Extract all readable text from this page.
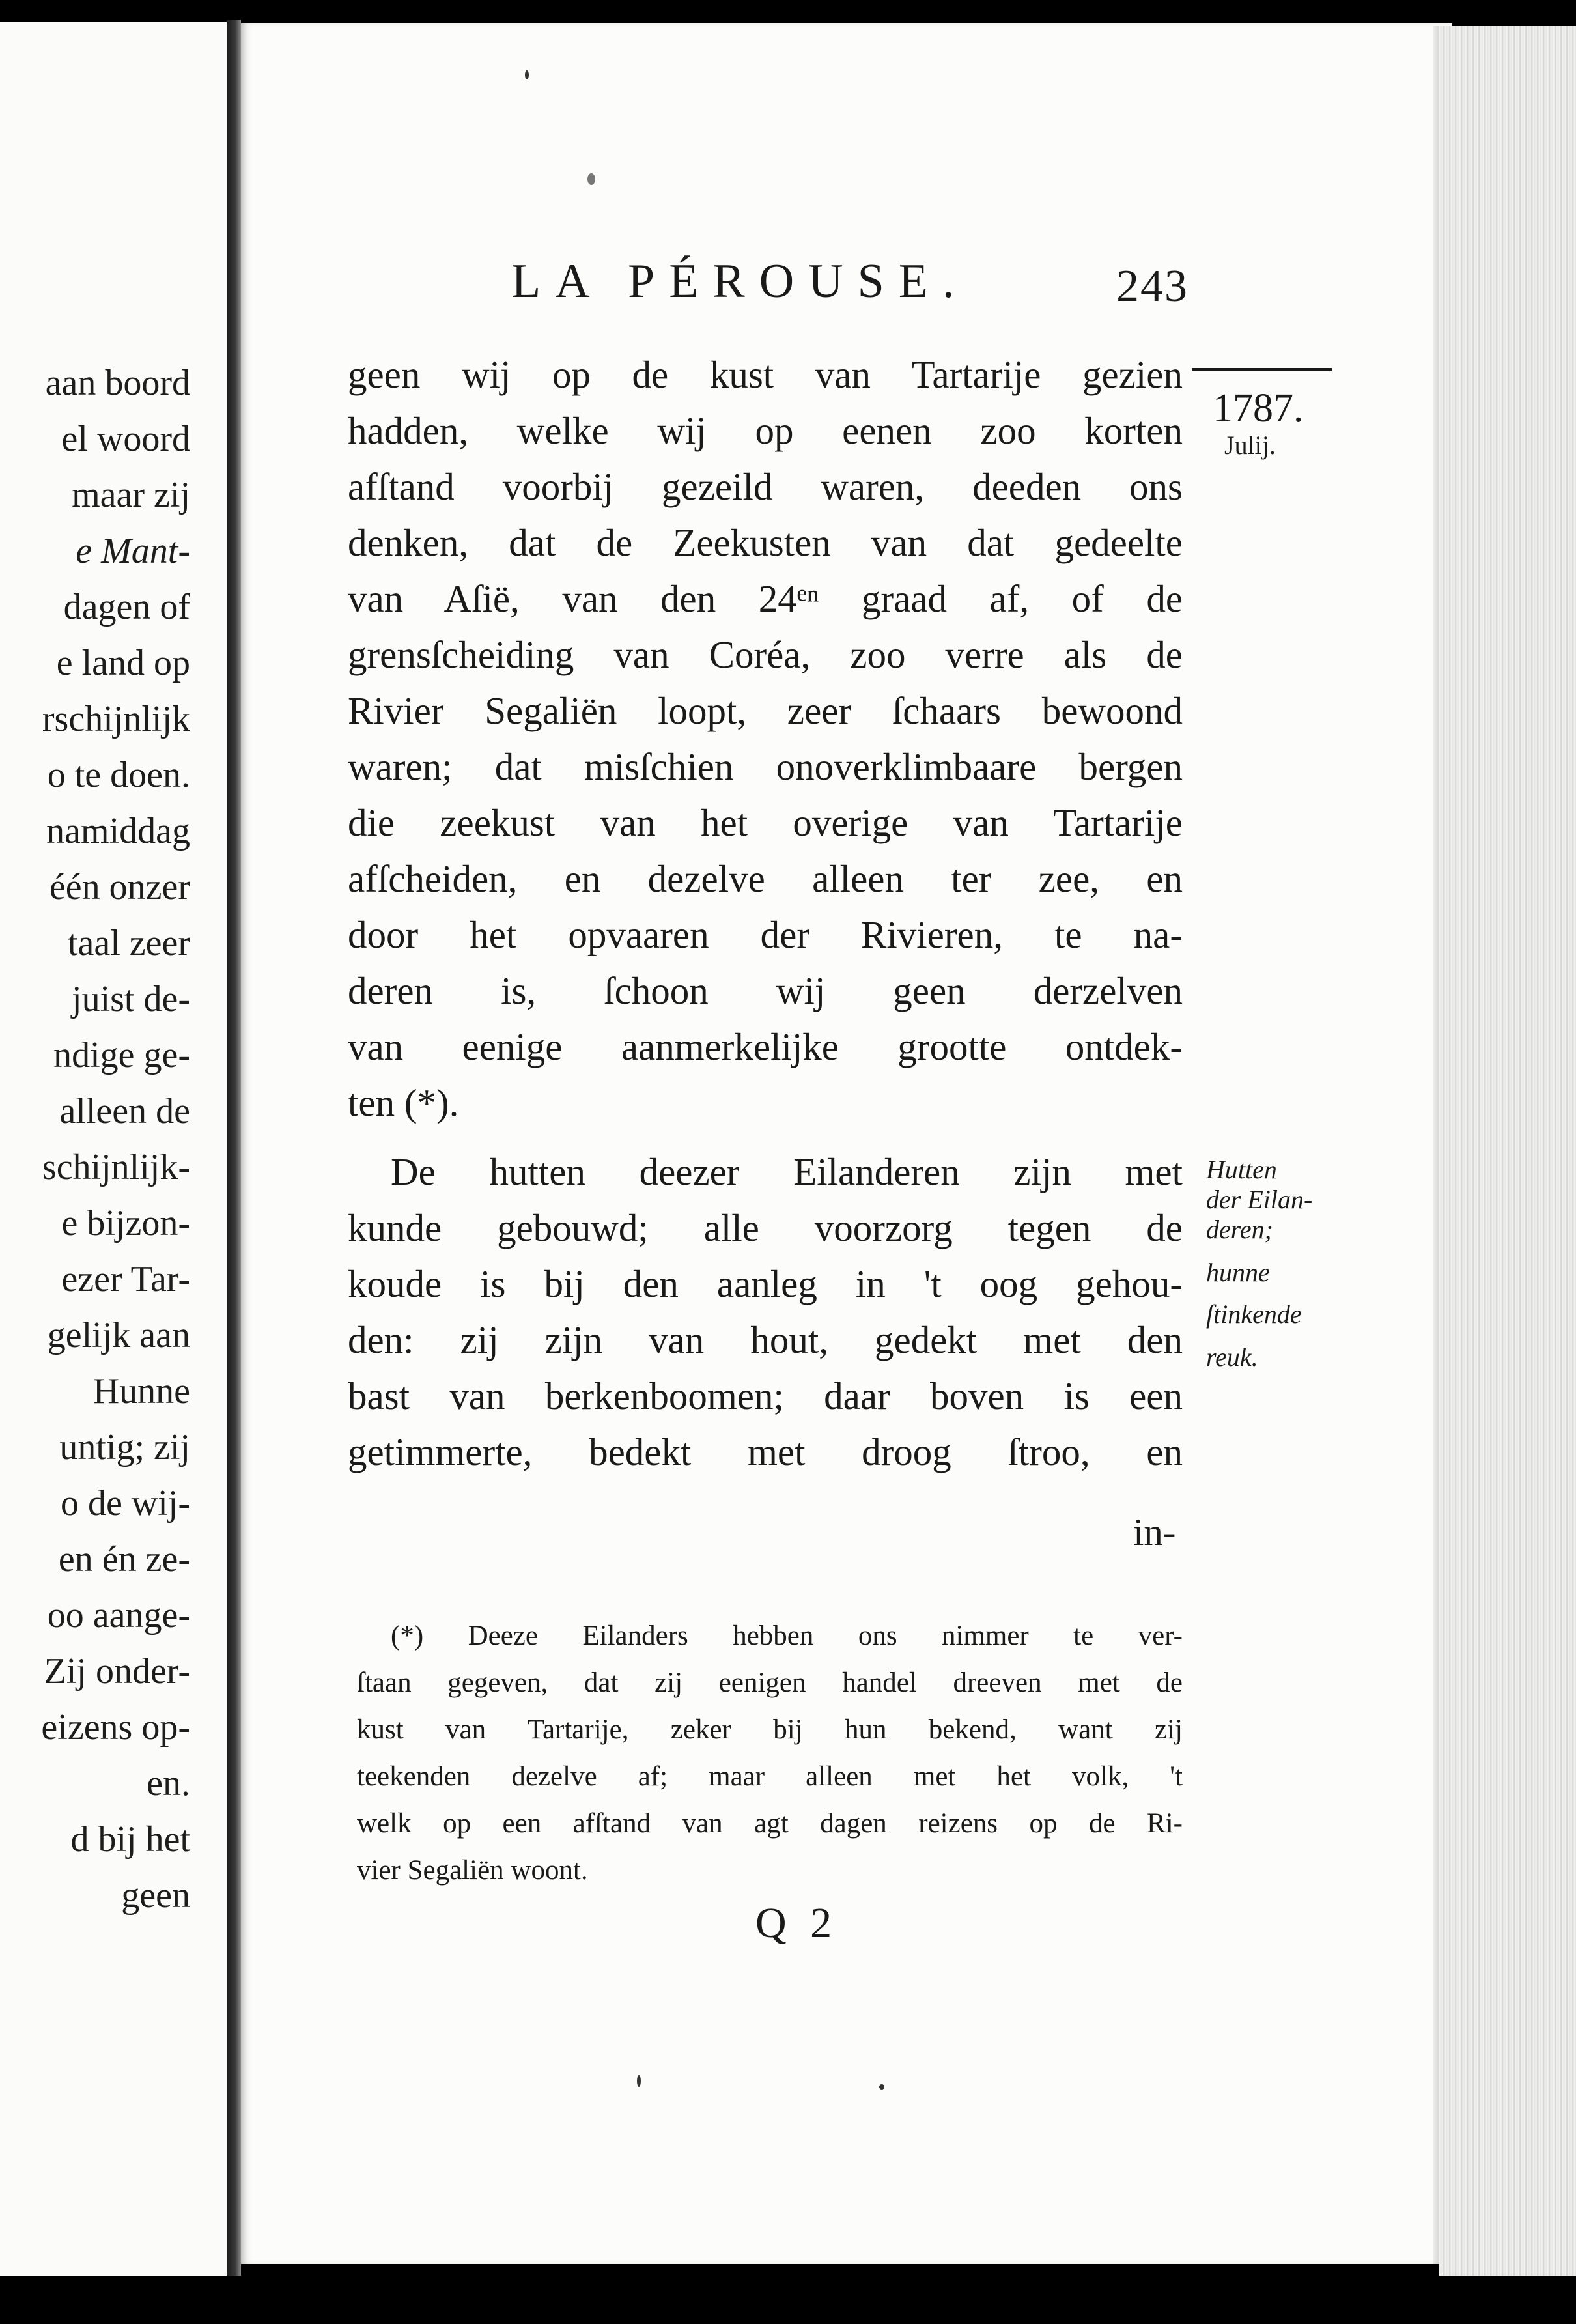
aan boord
el woord
maar zij
e Mant-
dagen of
e land op
rschijnlijk
o te doen.
namiddag
één onzer
taal zeer
juist de-
ndige ge-
alleen de
schijnlijk-
e bijzon-
ezer Tar-
gelijk aan
Hunne
untig; zij
o de wij-
en én ze-
oo aange-
Zij onder-
eizens op-
en.
d bij het
geen
LA PÉROUSE.	243
1787.
Julij.
geen wij op de kust van Tartarije gezien
hadden, welke wij op eenen zoo korten
afſtand voorbij gezeild waren, deeden ons
denken, dat de Zeekusten van dat gedeelte
van Aſië, van den 24ᵉⁿ graad af, of de
grensſcheiding van Coréa, zoo verre als de
Rivier Segaliën loopt, zeer ſchaars bewoond
waren; dat misſchien onoverklimbaare bergen
die zeekust van het overige van Tartarije
afſcheiden, en dezelve alleen ter zee, en
door het opvaaren der Rivieren, te na-
deren is, ſchoon wij geen derzelven
van eenige aanmerkelijke grootte ontdek-
ten (*).
De hutten deezer Eilanderen zijn met
kunde gebouwd; alle voorzorg tegen de
koude is bij den aanleg in 't oog gehou-
den: zij zijn van hout, gedekt met den
bast van berkenboomen; daar boven is een
getimmerte, bedekt met droog ſtroo, en
Hutten
der Eilan-
deren;
hunne
ſtinkende
reuk.
in-
(*) Deeze Eilanders hebben ons nimmer te ver-
ſtaan gegeven, dat zij eenigen handel dreeven met de
kust van Tartarije, zeker bij hun bekend, want zij
teekenden dezelve af; maar alleen met het volk, 't
welk op een afſtand van agt dagen reizens op de Ri-
vier Segaliën woont.
Q 2
